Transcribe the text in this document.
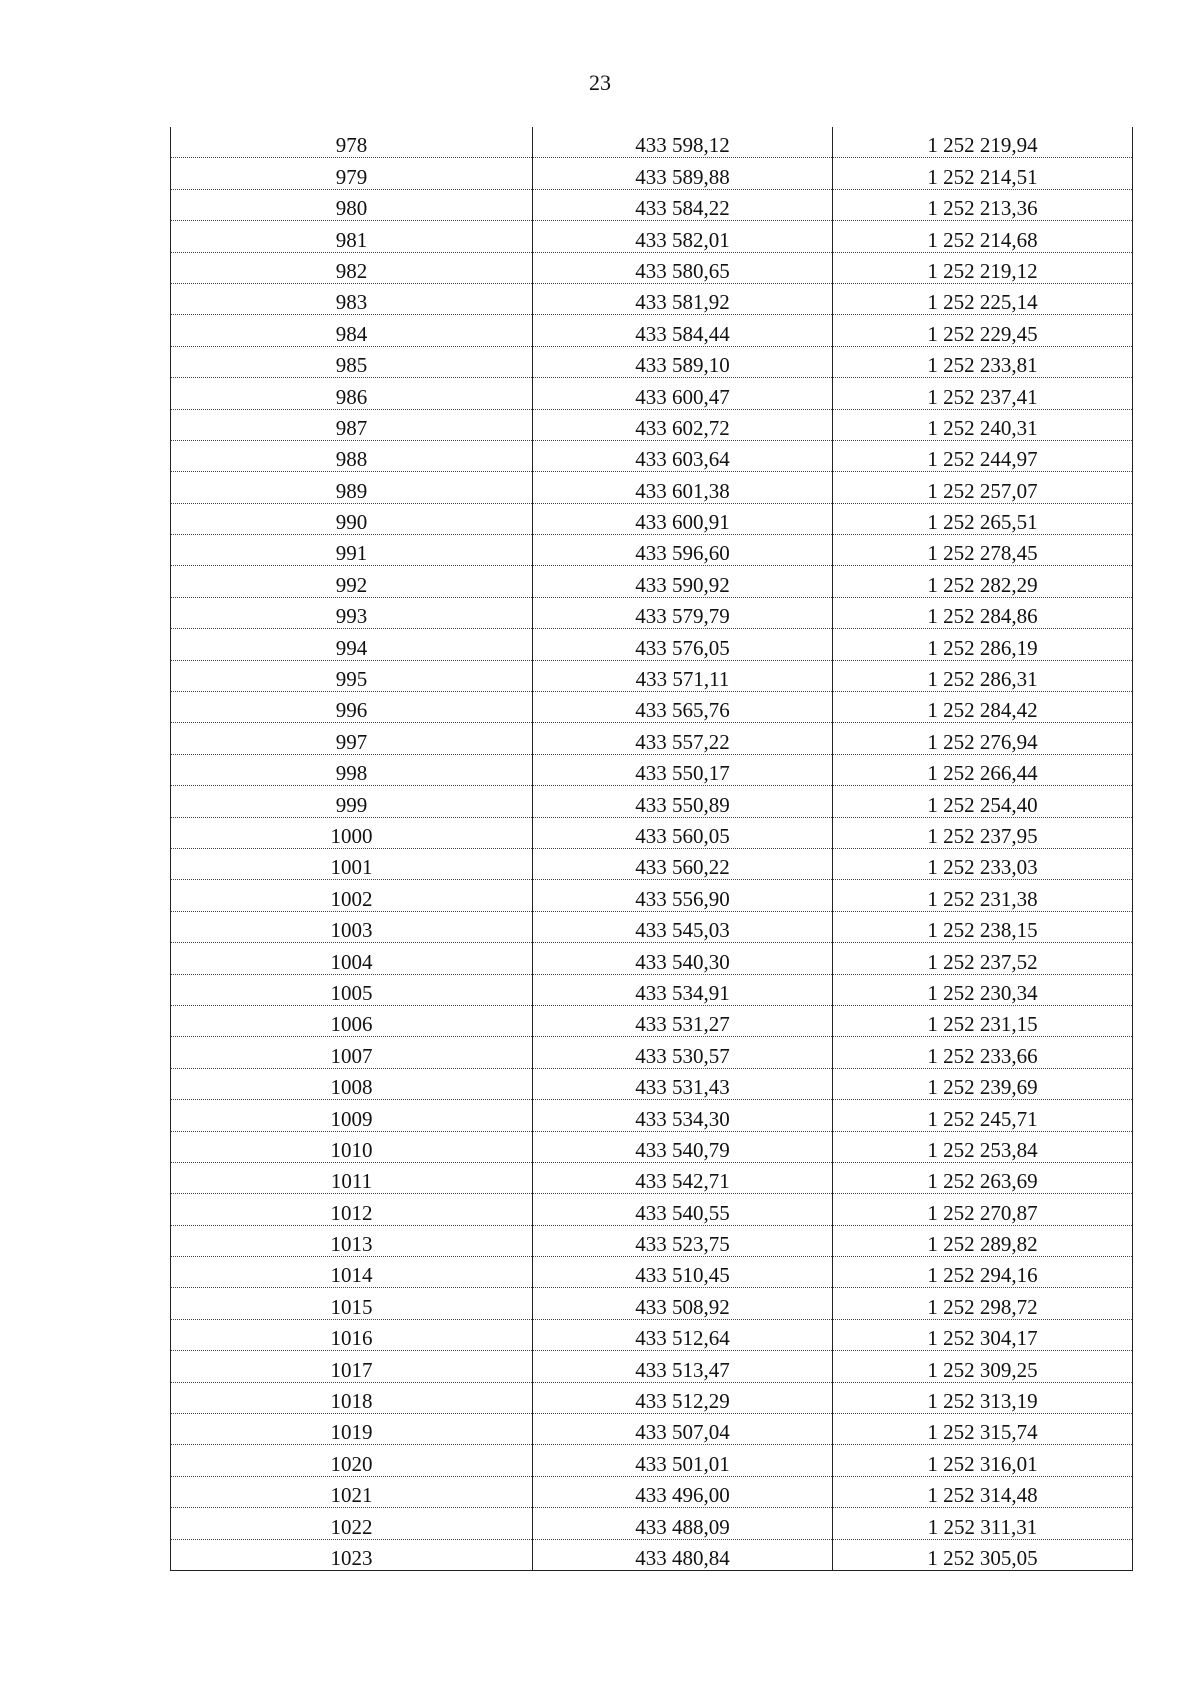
23
978	433 598,12	1 252 219,94
979	433 589,88	1 252 214,51
980	433 584,22	1 252 213,36
981	433 582,01	1 252 214,68
982	433 580,65	1 252 219,12
983	433 581,92	1 252 225,14
984	433 584,44	1 252 229,45
985	433 589,10	1 252 233,81
986	433 600,47	1 252 237,41
987	433 602,72	1 252 240,31
988	433 603,64	1 252 244,97
989	433 601,38	1 252 257,07
990	433 600,91	1 252 265,51
991	433 596,60	1 252 278,45
992	433 590,92	1 252 282,29
993	433 579,79	1 252 284,86
994	433 576,05	1 252 286,19
995	433 571,11	1 252 286,31
996	433 565,76	1 252 284,42
997	433 557,22	1 252 276,94
998	433 550,17	1 252 266,44
999	433 550,89	1 252 254,40
1000	433 560,05	1 252 237,95
1001	433 560,22	1 252 233,03
1002	433 556,90	1 252 231,38
1003	433 545,03	1 252 238,15
1004	433 540,30	1 252 237,52
1005	433 534,91	1 252 230,34
1006	433 531,27	1 252 231,15
1007	433 530,57	1 252 233,66
1008	433 531,43	1 252 239,69
1009	433 534,30	1 252 245,71
1010	433 540,79	1 252 253,84
1011	433 542,71	1 252 263,69
1012	433 540,55	1 252 270,87
1013	433 523,75	1 252 289,82
1014	433 510,45	1 252 294,16
1015	433 508,92	1 252 298,72
1016	433 512,64	1 252 304,17
1017	433 513,47	1 252 309,25
1018	433 512,29	1 252 313,19
1019	433 507,04	1 252 315,74
1020	433 501,01	1 252 316,01
1021	433 496,00	1 252 314,48
1022	433 488,09	1 252 311,31
1023	433 480,84	1 252 305,05
